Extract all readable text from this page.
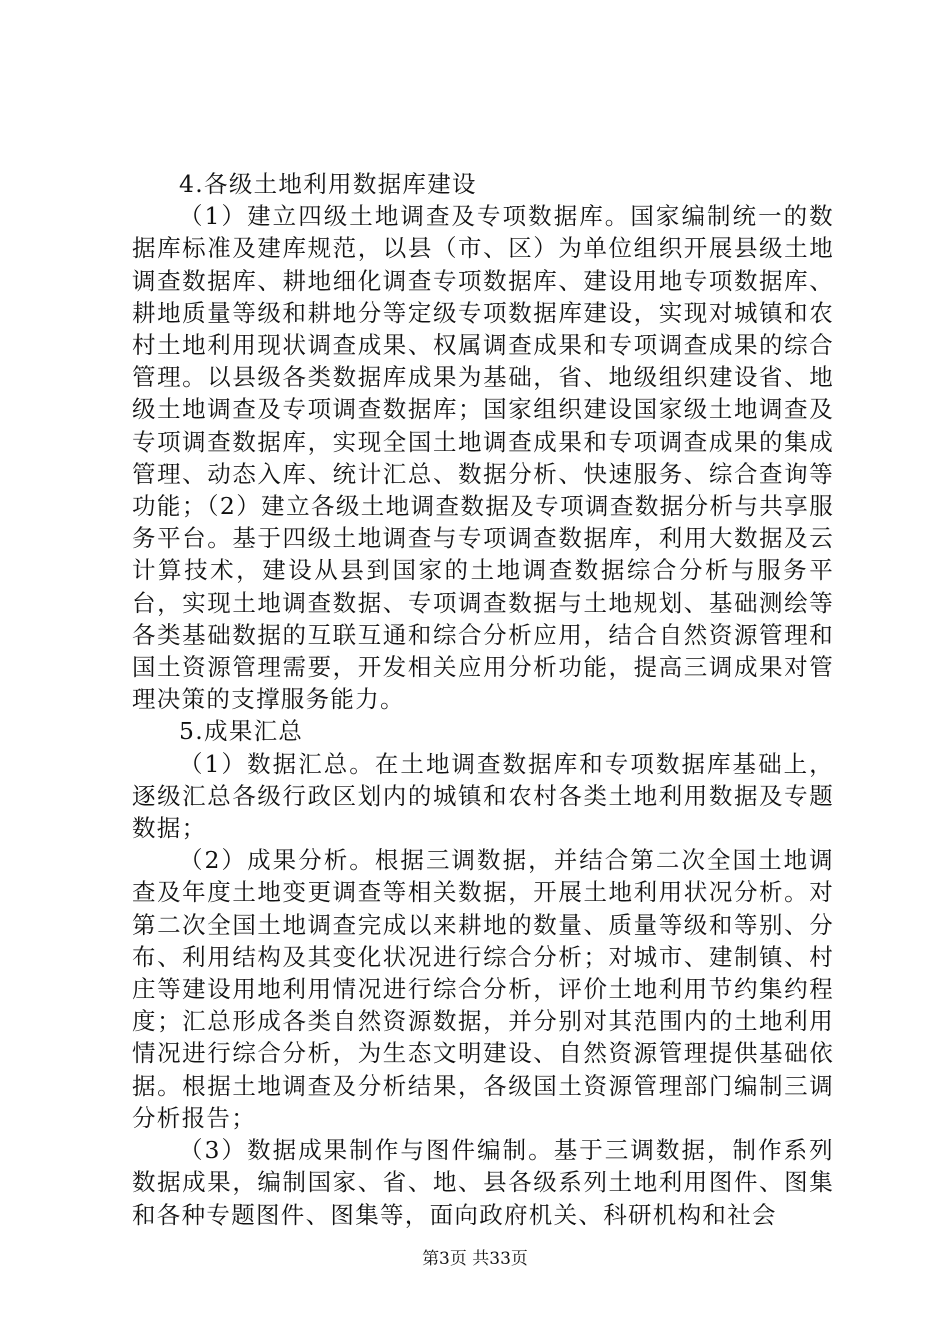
4.各级土地利用数据库建设

（1）建立四级土地调查及专项数据库。国家编制统一的数据库标准及建库规范，以县（市、区）为单位组织开展县级土地调查数据库、耕地细化调查专项数据库、建设用地专项数据库、耕地质量等级和耕地分等定级专项数据库建设，实现对城镇和农村土地利用现状调查成果、权属调查成果和专项调查成果的综合管理。以县级各类数据库成果为基础，省、地级组织建设省、地级土地调查及专项调查数据库；国家组织建设国家级土地调查及专项调查数据库，实现全国土地调查成果和专项调查成果的集成管理、动态入库、统计汇总、数据分析、快速服务、综合查询等功能；（2）建立各级土地调查数据及专项调查数据分析与共享服务平台。基于四级土地调查与专项调查数据库，利用大数据及云计算技术，建设从县到国家的土地调查数据综合分析与服务平台，实现土地调查数据、专项调查数据与土地规划、基础测绘等各类基础数据的互联互通和综合分析应用，结合自然资源管理和国土资源管理需要，开发相关应用分析功能，提高三调成果对管理决策的支撑服务能力。

5.成果汇总

（1）数据汇总。在土地调查数据库和专项数据库基础上，逐级汇总各级行政区划内的城镇和农村各类土地利用数据及专题数据；

（2）成果分析。根据三调数据，并结合第二次全国土地调查及年度土地变更调查等相关数据，开展土地利用状况分析。对第二次全国土地调查完成以来耕地的数量、质量等级和等别、分布、利用结构及其变化状况进行综合分析；对城市、建制镇、村庄等建设用地利用情况进行综合分析，评价土地利用节约集约程度；汇总形成各类自然资源数据，并分别对其范围内的土地利用情况进行综合分析，为生态文明建设、自然资源管理提供基础依据。根据土地调查及分析结果，各级国土资源管理部门编制三调分析报告；

（3）数据成果制作与图件编制。基于三调数据，制作系列数据成果，编制国家、省、地、县各级系列土地利用图件、图集和各种专题图件、图集等，面向政府机关、科研机构和社会

第3页 共33页
